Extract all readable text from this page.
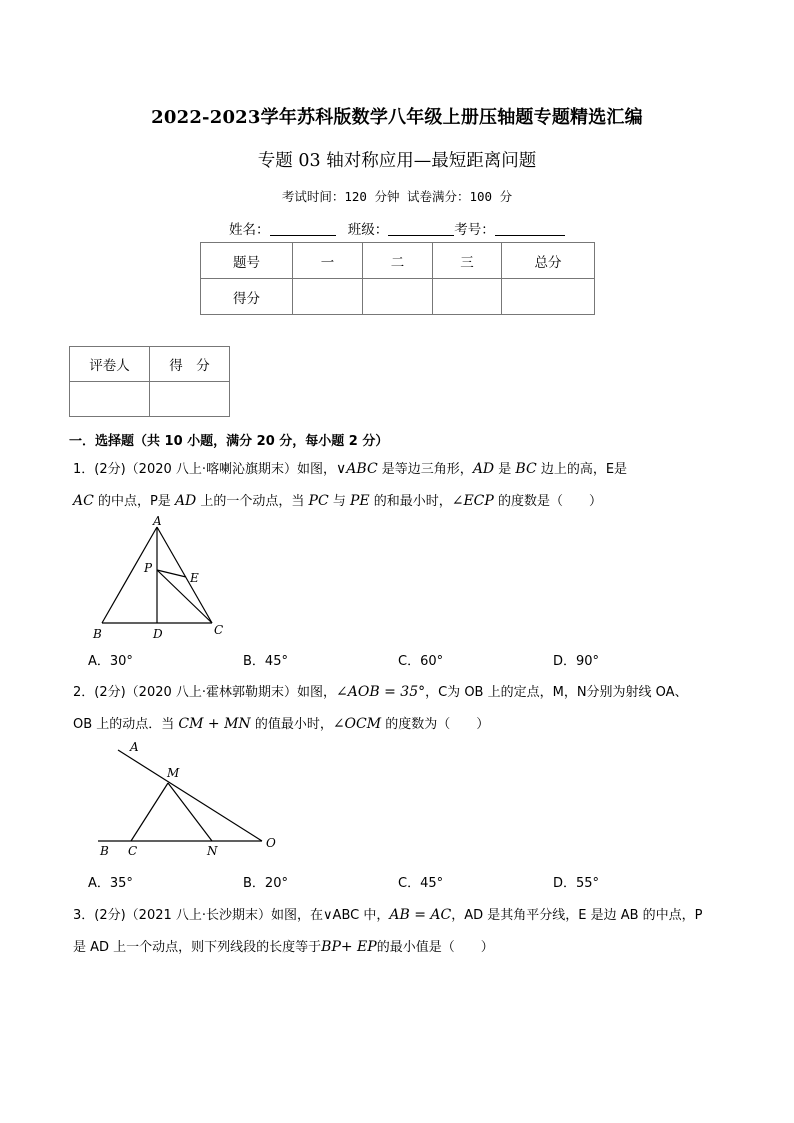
2022-2023学年苏科版数学八年级上册压轴题专题精选汇编
专题 03 轴对称应用—最短距离问题
考试时间：120 分钟 试卷满分：100 分
姓名：	班级：	考号：
题号	一	二	三	总分
得分				
评卷人	得　分

一．选择题（共 10 小题，满分 20 分，每小题 2 分）
1．(2分)（2020 八上·喀喇沁旗期末）如图，∨ABC 是等边三角形，AD 是 BC 边上的高，E是
AC 的中点，P是 AD 上的一个动点，当 PC 与 PE 的和最小时，∠ECP 的度数是（　　）
A
P
E
B	D	C
A．30°	B．45°	C．60°	D．90°
2．(2分)（2020 八上·霍林郭勒期末）如图，∠AOB = 35°，C为 OB 上的定点，M，N分别为射线 OA、
OB 上的动点．当 CM + MN 的值最小时，∠OCM 的度数为（　　）
A
M
B C	N
O
A．35°	B．20°	C．45°	D．55°
3．(2分)（2021 八上·长沙期末）如图，在∨ABC 中，AB = AC，AD 是其角平分线，E 是边 AB 的中点，P
是 AD 上一个动点，则下列线段的长度等于BP+ EP的最小值是（　　）
